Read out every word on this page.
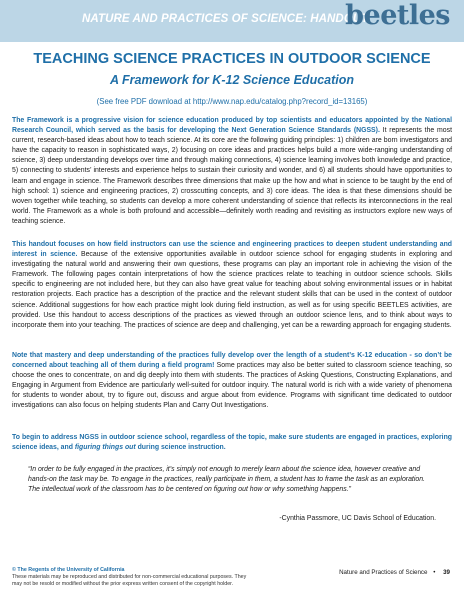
NATURE AND PRACTICES OF SCIENCE: HANDOUT
beetles
TEACHING SCIENCE PRACTICES IN OUTDOOR SCIENCE
A Framework for K-12 Science Education
(See free PDF download at http://www.nap.edu/catalog.php?record_id=13165)
The Framework is a progressive vision for science education produced by top scientists and educators appointed by the National Research Council, which served as the basis for developing the Next Generation Science Standards (NGSS). It represents the most current, research-based ideas about how to teach science. At its core are the following guiding principles: 1) children are born investigators and have the capacity to reason in sophisticated ways, 2) focusing on core ideas and practices helps build a more wide-ranging understanding of science, 3) deep understanding develops over time and through making connections, 4) science learning involves both knowledge and practice, 5) connecting to students’ interests and experience helps to sustain their curiosity and wonder, and 6) all students should have opportunities to learn and engage in science. The Framework describes three dimensions that make up the how and what in science to be taught by the end of high school: 1) science and engineering practices, 2) crosscutting concepts, and 3) core ideas. The idea is that these dimensions should be woven together while teaching, so students can develop a more coherent understanding of science that reflects its interconnections in the real world. The Framework as a whole is both profound and accessible—definitely worth reading and revisiting as instructors explore new ways of teaching science.
This handout focuses on how field instructors can use the science and engineering practices to deepen student understanding and interest in science. Because of the extensive opportunities available in outdoor science school for engaging students in exploring and investigating the natural world and answering their own questions, these programs can play an important role in achieving the vision of the Framework. The following pages contain interpretations of how the science practices relate to teaching in outdoor science schools. Skills specific to engineering are not included here, but they can also have great value for teaching about solving environmental issues or in habitat restoration projects. Each practice has a description of the practice and the relevant student skills that can be used in the context of outdoor science. Additional suggestions for how each practice might look during field instruction, as well as for using specific BEETLES activities, are provided. Use this handout to access descriptions of the practices as viewed through an outdoor science lens, and to think about ways to incorporate them into your teaching. The practices of science are deep and challenging, yet can be a rewarding approach for engaging students.
Note that mastery and deep understanding of the practices fully develop over the length of a student’s K-12 education - so don’t be concerned about teaching all of them during a field program! Some practices may also be better suited to classroom science teaching, so choose the ones to concentrate, on and dig deeply into them with students. The practices of Asking Questions, Constructing Explanations, and Engaging in Argument from Evidence are particularly well-suited for outdoor inquiry. The natural world is rich with a wide variety of phenomena for students to wonder about, try to figure out, discuss and argue about from evidence. Programs with significant time dedicated to outdoor investigations can also focus on helping students Plan and Carry Out Investigations.
To begin to address NGSS in outdoor science school, regardless of the topic, make sure students are engaged in practices, exploring science ideas, and figuring things out during science instruction.
“In order to be fully engaged in the practices, it’s simply not enough to merely learn about the science idea, however creative and hands-on the task may be. To engage in the practices, really participate in them, a student has to frame the task as an exploration. The intellectual work of the classroom has to be centered on figuring out how or why something happens.”
-Cynthia Passmore, UC Davis School of Education.
© The Regents of the University of California
These materials may be reproduced and distributed for non-commercial educational purposes. They
may not be resold or modified without the prior express written consent of the copyright holder.
Nature and Practices of Science • 39
